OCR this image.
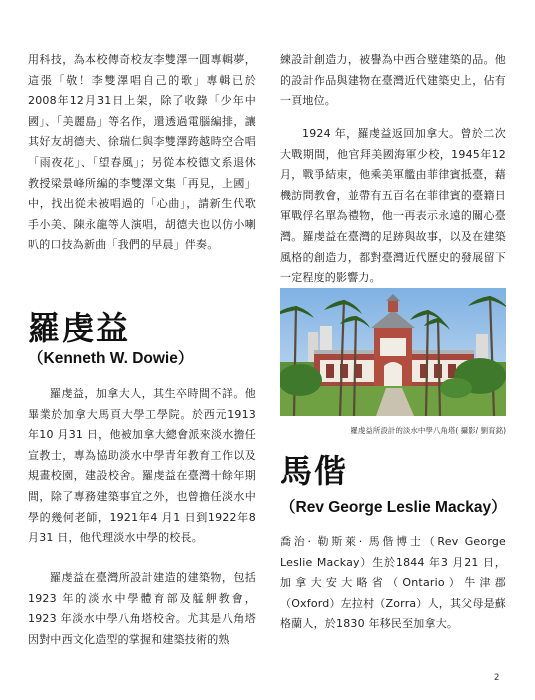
用科技，為本校傳奇校友李雙澤一圓專輯夢，這張「敬！李雙澤唱自己的歌」專輯已於2008年12月31日上架，除了收錄「少年中國」、「美麗島」等名作，還透過電腦編排，讓其好友胡德夫、徐瑞仁與李雙澤跨越時空合唱「雨夜花」、「望春風」；另從本校德文系退休教授梁景峰所編的李雙澤文集「再見，上國」中，找出從未被唱過的「心曲」，請新生代歌手小美、陳永龍等人演唱，胡德夫也以仿小喇叭的口技為新曲「我們的早晨」伴奏。

羅虔益
（Kenneth W. Dowie）

羅虔益，加拿大人，其生卒時間不詳。他畢業於加拿大馬頁大學工學院。於西元1913 年10 月31 日，他被加拿大總會派來淡水擔任宣教士，專為協助淡水中學青年教育工作以及規畫校園，建設校舍。羅虔益在臺灣十餘年期間，除了專務建築事宜之外，也曾擔任淡水中學的幾何老師，1921年4 月1 日到1922年8 月31 日，他代理淡水中學的校長。

羅虔益在臺灣所設計建造的建築物，包括1923 年的淡水中學體育部及艋舺教會，1923 年淡水中學八角塔校舍。尤其是八角塔因對中西文化造型的掌握和建築技術的熟

練設計創造力，被譽為中西合璧建築的品。他的設計作品與建物在臺灣近代建築史上，佔有一頁地位。

1924 年，羅虔益返回加拿大。曾於二次大戰期間，他官拜美國海軍少校，1945年12 月，戰爭結束，他乘美軍艦由菲律賓抵臺，藉機訪問教會，並帶有五百名在菲律賓的臺籍日軍戰俘名單為禮物，他一再表示永遠的關心臺灣。羅虔益在臺灣的足跡與故事，以及在建築風格的創造力，都對臺灣近代歷史的發展留下一定程度的影響力。

羅虔益所設計的淡水中學八角塔( 攝影/ 劉育銘)

馬偕
（Rev George Leslie Mackay）

喬治· 勒斯萊· 馬偕博士（Rev George Leslie Mackay）生於1844 年3 月21 日，加拿大安大略省（Ontario）牛津郡（Oxford）左拉村（Zorra）人，其父母是蘇格蘭人，於1830 年移民至加拿大。

2
